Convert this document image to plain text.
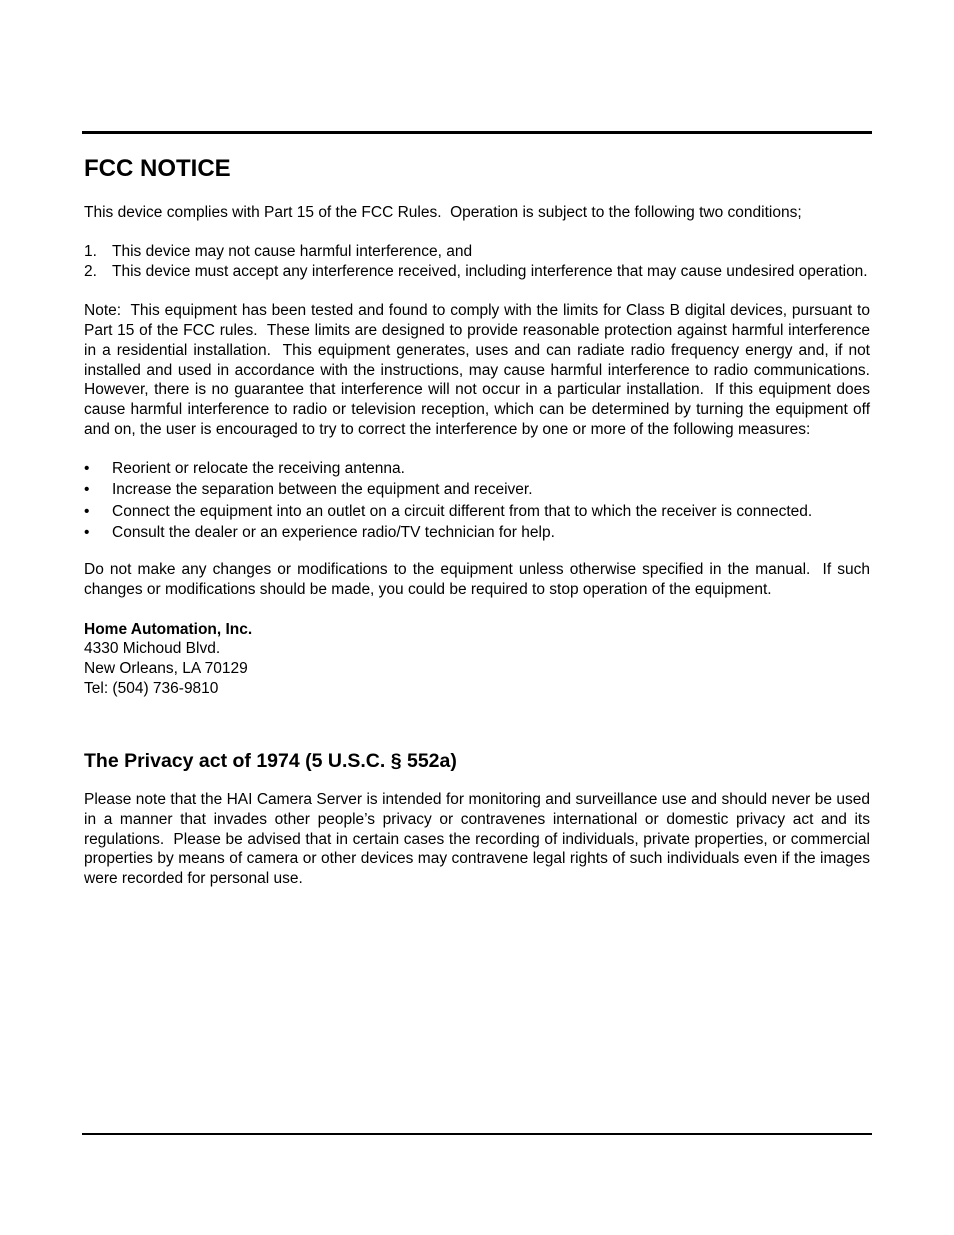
FCC NOTICE

This device complies with Part 15 of the FCC Rules.  Operation is subject to the following two conditions;

1. This device may not cause harmful interference, and
2. This device must accept any interference received, including interference that may cause undesired operation.

Note:  This equipment has been tested and found to comply with the limits for Class B digital devices, pursuant to Part 15 of the FCC rules.  These limits are designed to provide reasonable protection against harmful interference in a residential installation.  This equipment generates, uses and can radiate radio frequency energy and, if not installed and used in accordance with the instructions, may cause harmful interference to radio communications.  However, there is no guarantee that interference will not occur in a particular installation.  If this equipment does cause harmful interference to radio or television reception, which can be determined by turning the equipment off and on, the user is encouraged to try to correct the interference by one or more of the following measures:

• Reorient or relocate the receiving antenna.
• Increase the separation between the equipment and receiver.
• Connect the equipment into an outlet on a circuit different from that to which the receiver is connected.
• Consult the dealer or an experience radio/TV technician for help.

Do not make any changes or modifications to the equipment unless otherwise specified in the manual.  If such changes or modifications should be made, you could be required to stop operation of the equipment.

Home Automation, Inc.
4330 Michoud Blvd.
New Orleans, LA 70129
Tel: (504) 736-9810
The Privacy act of 1974 (5 U.S.C. § 552a)

Please note that the HAI Camera Server is intended for monitoring and surveillance use and should never be used in a manner that invades other people’s privacy or contravenes international or domestic privacy act and its regulations.  Please be advised that in certain cases the recording of individuals, private properties, or commercial properties by means of camera or other devices may contravene legal rights of such individuals even if the images were recorded for personal use.
